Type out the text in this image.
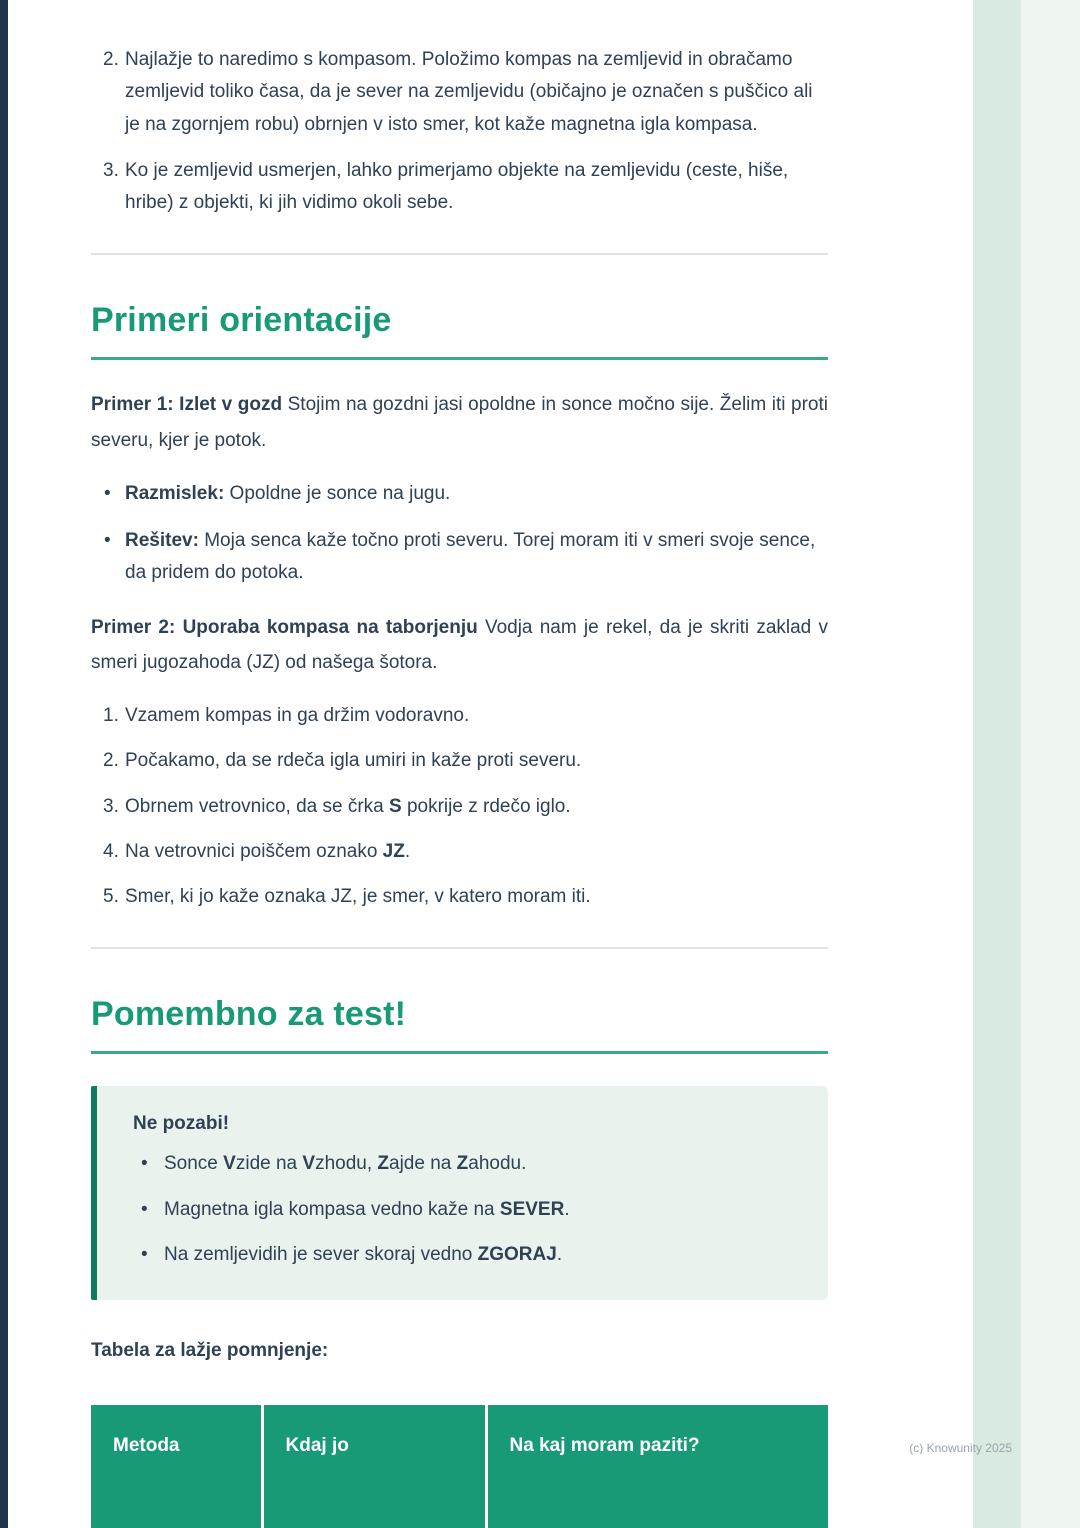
2. Najlažje to naredimo s kompasom. Položimo kompas na zemljevid in obračamo zemljevid toliko časa, da je sever na zemljevidu (običajno je označen s puščico ali je na zgornjem robu) obrnjen v isto smer, kot kaže magnetna igla kompasa.
3. Ko je zemljevid usmerjen, lahko primerjamo objekte na zemljevidu (ceste, hiše, hribe) z objekti, ki jih vidimo okoli sebe.
Primeri orientacije

Primer 1: Izlet v gozd Stojim na gozdni jasi opoldne in sonce močno sije. Želim iti proti severu, kjer je potok.

• Razmislek: Opoldne je sonce na jugu.
• Rešitev: Moja senca kaže točno proti severu. Torej moram iti v smeri svoje sence, da pridem do potoka.

Primer 2: Uporaba kompasa na taborjenju Vodja nam je rekel, da je skriti zaklad v smeri jugozahoda (JZ) od našega šotora.

1. Vzamem kompas in ga držim vodoravno.
2. Počakamo, da se rdeča igla umiri in kaže proti severu.
3. Obrnem vetrovnico, da se črka S pokrije z rdečo iglo.
4. Na vetrovnici poiščem oznako JZ.
5. Smer, ki jo kaže oznaka JZ, je smer, v katero moram iti.
Pomembno za test!
Ne pozabi!
• Sonce Vzide na Vzhodu, Zajde na Zahodu.
• Magnetna igla kompasa vedno kaže na SEVER.
• Na zemljevidih je sever skoraj vedno ZGORAJ.

Tabela za lažje pomnjenje:

Metoda	Kdaj jo	Na kaj moram paziti?	(c) Knowunity 2025
